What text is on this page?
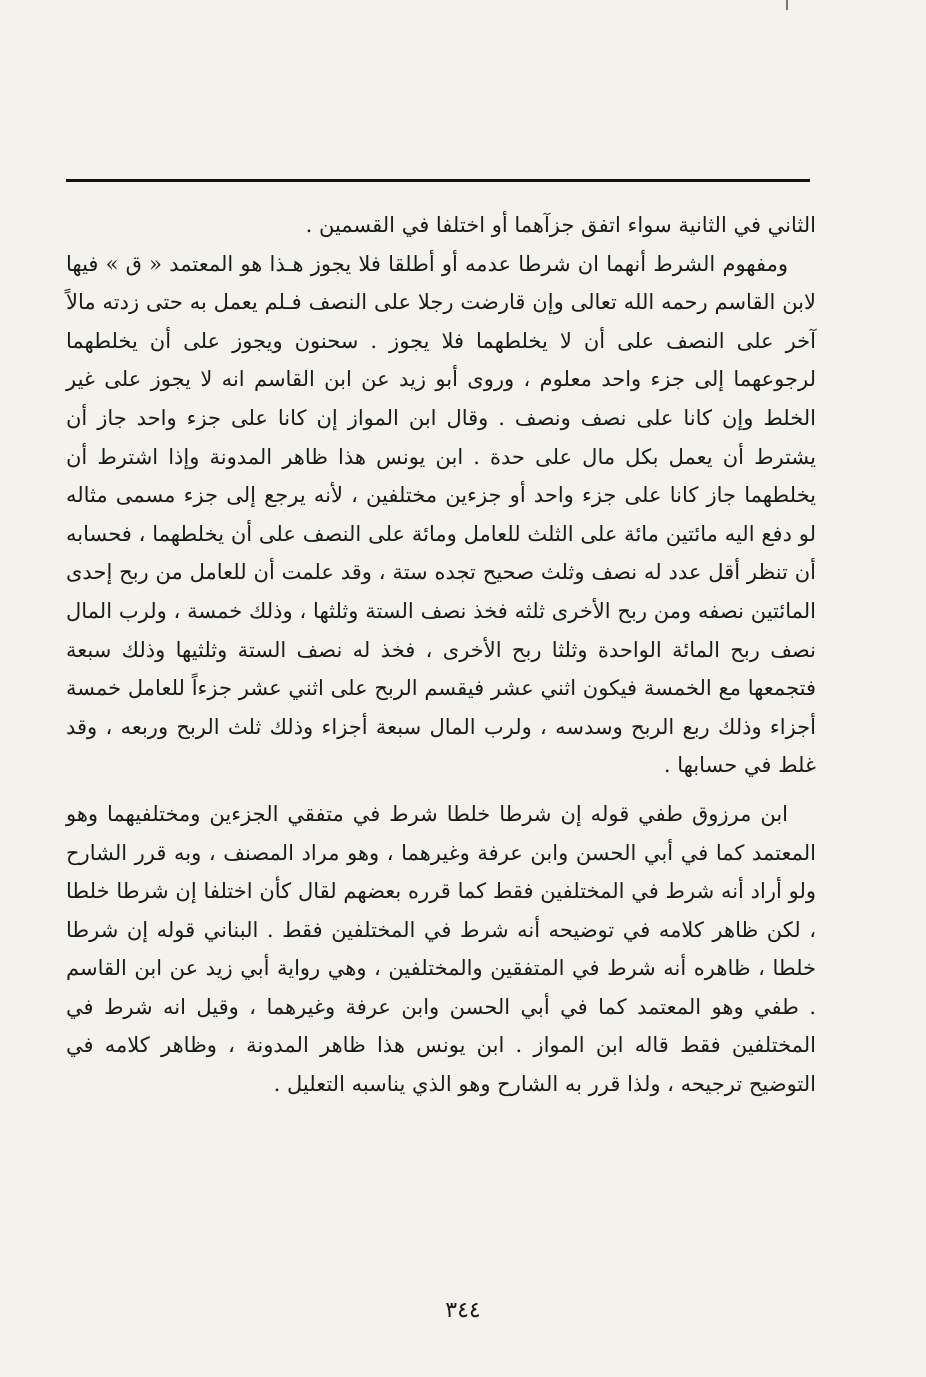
الثاني في الثانية سواء اتفق جزآهما أو اختلفا في القسمين .

ومفهوم الشرط أنهما ان شرطا عدمه أو أطلقا فلا يجوز هـذا هو المعتمد « ق » فيها لابن القاسم رحمه الله تعالى وإن قارضت رجلا على النصف فـلم يعمل به حتى زدته مالاً آخر على النصف على أن لا يخلطهما فلا يجوز . سحنون ويجوز على أن يخلطهما لرجوعهما إلى جزء واحد معلوم ، وروى أبو زيد عن ابن القاسم انه لا يجوز على غير الخلط وإن كانا على نصف ونصف . وقال ابن المواز إن كانا على جزء واحد جاز أن يشترط أن يعمل بكل مال على حدة . ابن يونس هذا ظاهر المدونة وإذا اشترط أن يخلطهما جاز كانا على جزء واحد أو جزءين مختلفين ، لأنه يرجع إلى جزء مسمى مثاله لو دفع اليه مائتين مائة على الثلث للعامل ومائة على النصف على أن يخلطهما ، فحسابه أن تنظر أقل عدد له نصف وثلث صحيح تجده ستة ، وقد علمت أن للعامل من ربح إحدى المائتين نصفه ومن ربح الأخرى ثلثه فخذ نصف الستة وثلثها ، وذلك خمسة ، ولرب المال نصف ربح المائة الواحدة وثلثا ربح الأخرى ، فخذ له نصف الستة وثلثيها وذلك سبعة فتجمعها مع الخمسة فيكون اثني عشر فيقسم الربح على اثني عشر جزءاً للعامل خمسة أجزاء وذلك ربع الربح وسدسه ، ولرب المال سبعة أجزاء وذلك ثلث الربح وربعه ، وقد غلط في حسابها .

ابن مرزوق طفي قوله إن شرطا خلطا شرط في متفقي الجزءين ومختلفيهما وهو المعتمد كما في أبي الحسن وابن عرفة وغيرهما ، وهو مراد المصنف ، وبه قرر الشارح ولو أراد أنه شرط في المختلفين فقط كما قرره بعضهم لقال كأن اختلفا إن شرطا خلطا ، لكن ظاهر كلامه في توضيحه أنه شرط في المختلفين فقط . البناني قوله إن شرطا خلطا ، ظاهره أنه شرط في المتفقين والمختلفين ، وهي رواية أبي زيد عن ابن القاسم . طفي وهو المعتمد كما في أبي الحسن وابن عرفة وغيرهما ، وقيل انه شرط في المختلفين فقط قاله ابن المواز . ابن يونس هذا ظاهر المدونة ، وظاهر كلامه في التوضيح ترجيحه ، ولذا قرر به الشارح وهو الذي يناسبه التعليل .

٣٤٤
